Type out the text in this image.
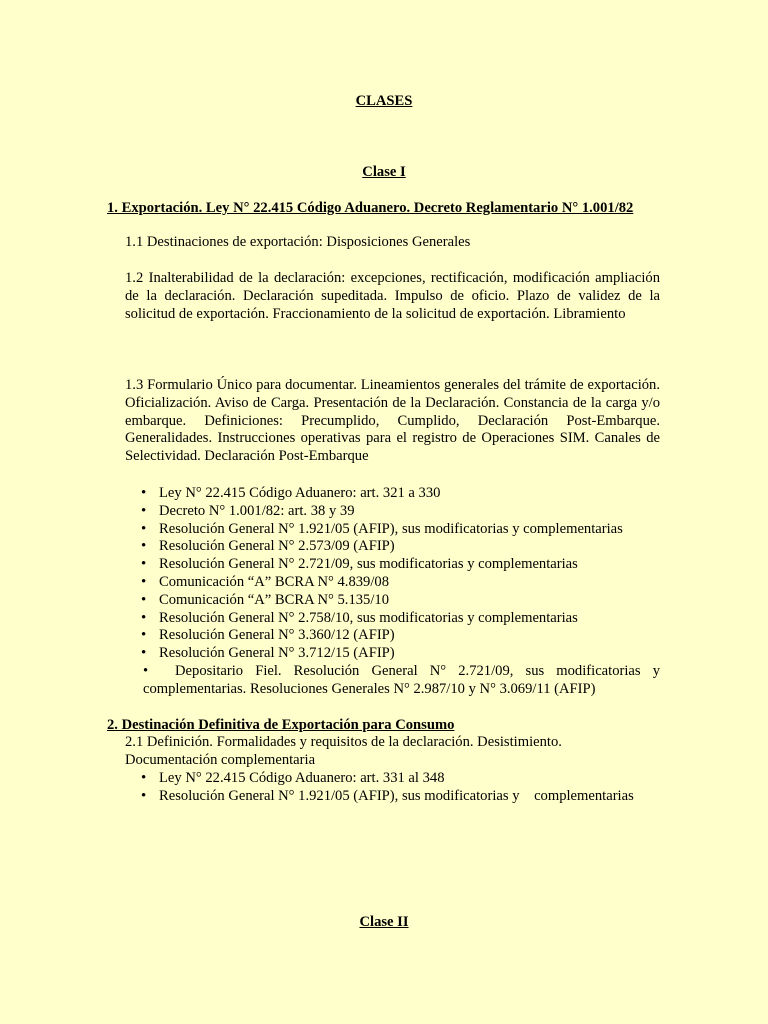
CLASES
Clase I
1. Exportación. Ley N° 22.415 Código Aduanero. Decreto Reglamentario N° 1.001/82
1.1 Destinaciones de exportación: Disposiciones Generales
1.2 Inalterabilidad de la declaración: excepciones, rectificación, modificación ampliación de la declaración. Declaración supeditada. Impulso de oficio. Plazo de validez de la solicitud de exportación. Fraccionamiento de la solicitud de exportación. Libramiento
1.3 Formulario Único para documentar. Lineamientos generales del trámite de exportación. Oficialización. Aviso de Carga. Presentación de la Declaración. Constancia de la carga y/o embarque. Definiciones: Precumplido, Cumplido, Declaración Post-Embarque. Generalidades. Instrucciones operativas para el registro de Operaciones SIM. Canales de Selectividad. Declaración Post-Embarque
• Ley N° 22.415 Código Aduanero: art. 321 a 330
• Decreto N° 1.001/82: art. 38 y 39
• Resolución General N° 1.921/05 (AFIP), sus modificatorias y complementarias
• Resolución General N° 2.573/09 (AFIP)
• Resolución General N° 2.721/09, sus modificatorias y complementarias
• Comunicación “A” BCRA N° 4.839/08
• Comunicación “A” BCRA N° 5.135/10
• Resolución General N° 2.758/10, sus modificatorias y complementarias
• Resolución General N° 3.360/12 (AFIP)
• Resolución General N° 3.712/15 (AFIP)
• Depositario Fiel. Resolución General N° 2.721/09, sus modificatorias y complementarias. Resoluciones Generales N° 2.987/10 y N° 3.069/11 (AFIP)
2. Destinación Definitiva de Exportación para Consumo
2.1 Definición. Formalidades y requisitos de la declaración. Desistimiento.
Documentación complementaria
• Ley N° 22.415 Código Aduanero: art. 331 al 348
• Resolución General N° 1.921/05 (AFIP), sus modificatorias y    complementarias
Clase II
